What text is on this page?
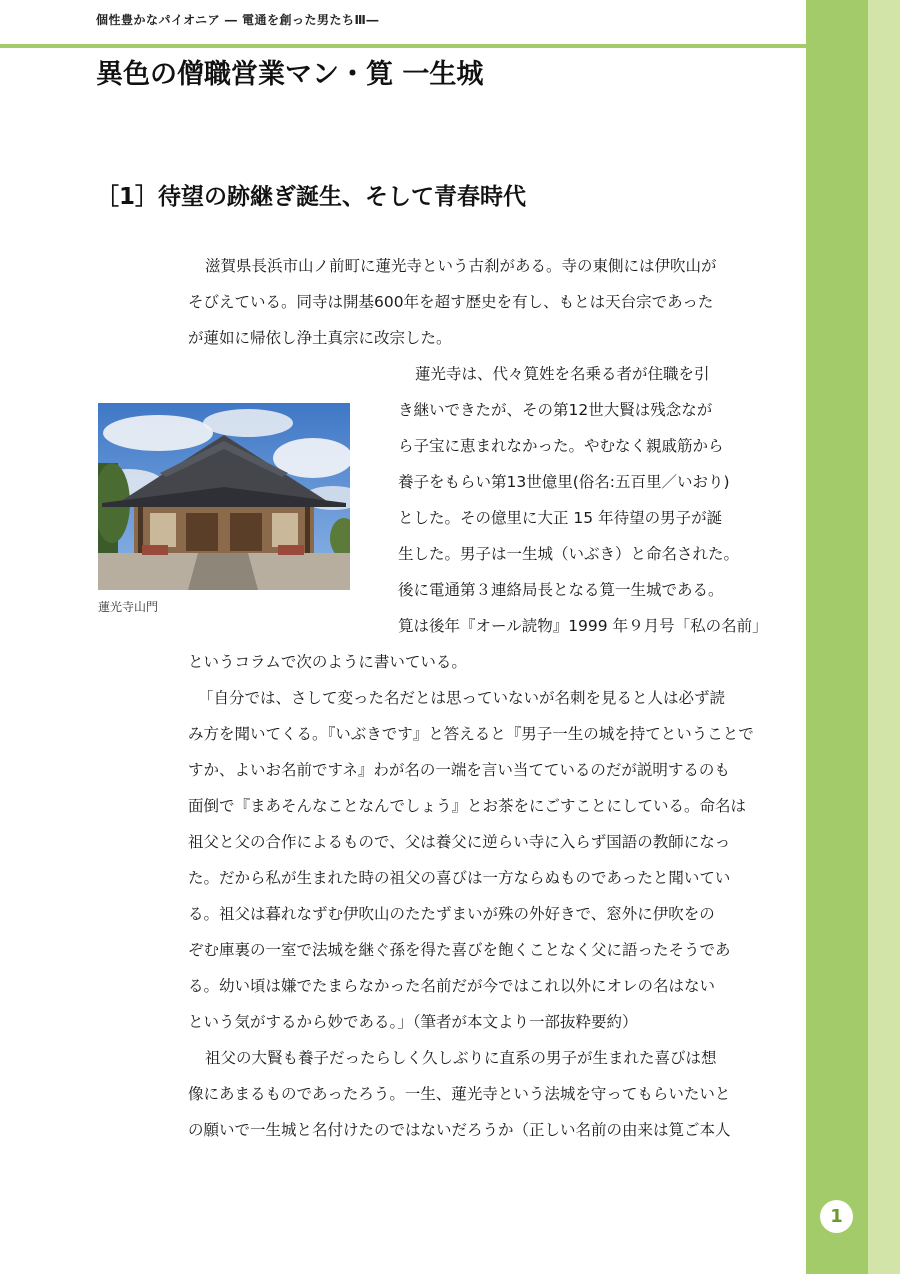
個性豊かなパイオニア ― 電通を創った男たちⅢ―
異色の僧職営業マン・筧 一生城
［1］待望の跡継ぎ誕生、そして青春時代
滋賀県長浜市山ノ前町に蓮光寺という古刹がある。寺の東側には伊吹山が
そびえている。同寺は開基600年を超す歴史を有し、もとは天台宗であった
が蓮如に帰依し浄土真宗に改宗した。
蓮光寺は、代々筧姓を名乗る者が住職を引
き継いできたが、その第12世大賢は残念なが
ら子宝に恵まれなかった。やむなく親戚筋から
養子をもらい第13世億里(俗名:五百里／いおり)
とした。その億里に大正 15 年待望の男子が誕
生した。男子は一生城（いぶき）と命名された。
後に電通第３連絡局長となる筧一生城である。
筧は後年『オール読物』1999 年９月号「私の名前」
というコラムで次のように書いている。
「自分では、さして変った名だとは思っていないが名刺を見ると人は必ず読
み方を聞いてくる。『いぶきです』と答えると『男子一生の城を持てということで
すか、よいお名前ですネ』わが名の一端を言い当てているのだが説明するのも
面倒で『まあそんなことなんでしょう』とお茶をにごすことにしている。命名は
祖父と父の合作によるもので、父は養父に逆らい寺に入らず国語の教師になっ
た。だから私が生まれた時の祖父の喜びは一方ならぬものであったと聞いてい
る。祖父は暮れなずむ伊吹山のたたずまいが殊の外好きで、窓外に伊吹をの
ぞむ庫裏の一室で法城を継ぐ孫を得た喜びを飽くことなく父に語ったそうであ
る。幼い頃は嫌でたまらなかった名前だが今ではこれ以外にオレの名はない
という気がするから妙である。」（筆者が本文より一部抜粋要約）
祖父の大賢も養子だったらしく久しぶりに直系の男子が生まれた喜びは想
像にあまるものであったろう。一生、蓮光寺という法城を守ってもらいたいと
の願いで一生城と名付けたのではないだろうか（正しい名前の由来は筧ご本人
蓮光寺山門
1
